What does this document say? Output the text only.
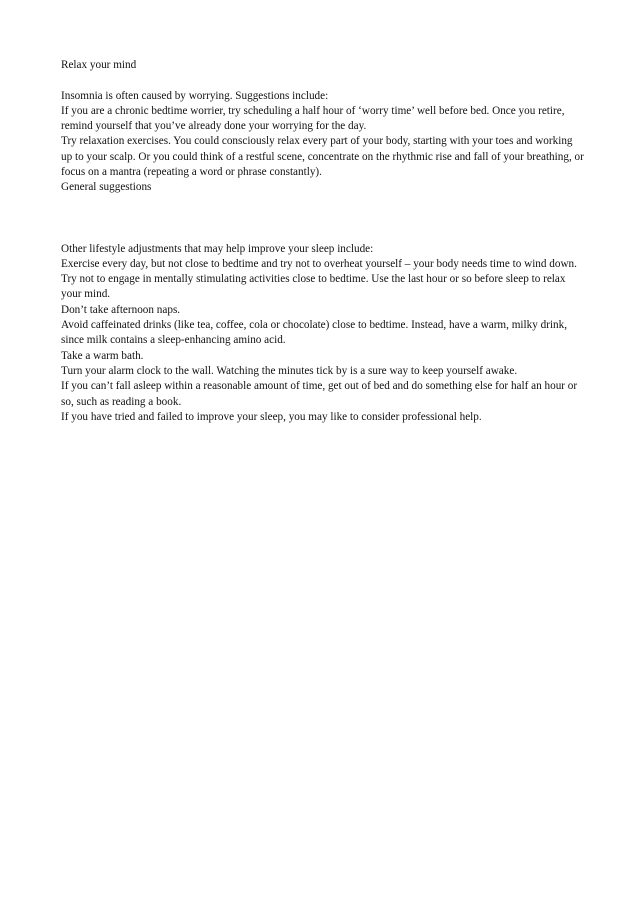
Relax your mind

Insomnia is often caused by worrying. Suggestions include:

If you are a chronic bedtime worrier, try scheduling a half hour of ‘worry time’ well before bed. Once you retire, remind yourself that you’ve already done your worrying for the day.

Try relaxation exercises. You could consciously relax every part of your body, starting with your toes and working up to your scalp. Or you could think of a restful scene, concentrate on the rhythmic rise and fall of your breathing, or focus on a mantra (repeating a word or phrase constantly).

General suggestions

Other lifestyle adjustments that may help improve your sleep include:

Exercise every day, but not close to bedtime and try not to overheat yourself – your body needs time to wind down.

Try not to engage in mentally stimulating activities close to bedtime. Use the last hour or so before sleep to relax your mind.

Don’t take afternoon naps.

Avoid caffeinated drinks (like tea, coffee, cola or chocolate) close to bedtime. Instead, have a warm, milky drink, since milk contains a sleep-enhancing amino acid.

Take a warm bath.

Turn your alarm clock to the wall. Watching the minutes tick by is a sure way to keep yourself awake.

If you can’t fall asleep within a reasonable amount of time, get out of bed and do something else for half an hour or so, such as reading a book.

If you have tried and failed to improve your sleep, you may like to consider professional help.
